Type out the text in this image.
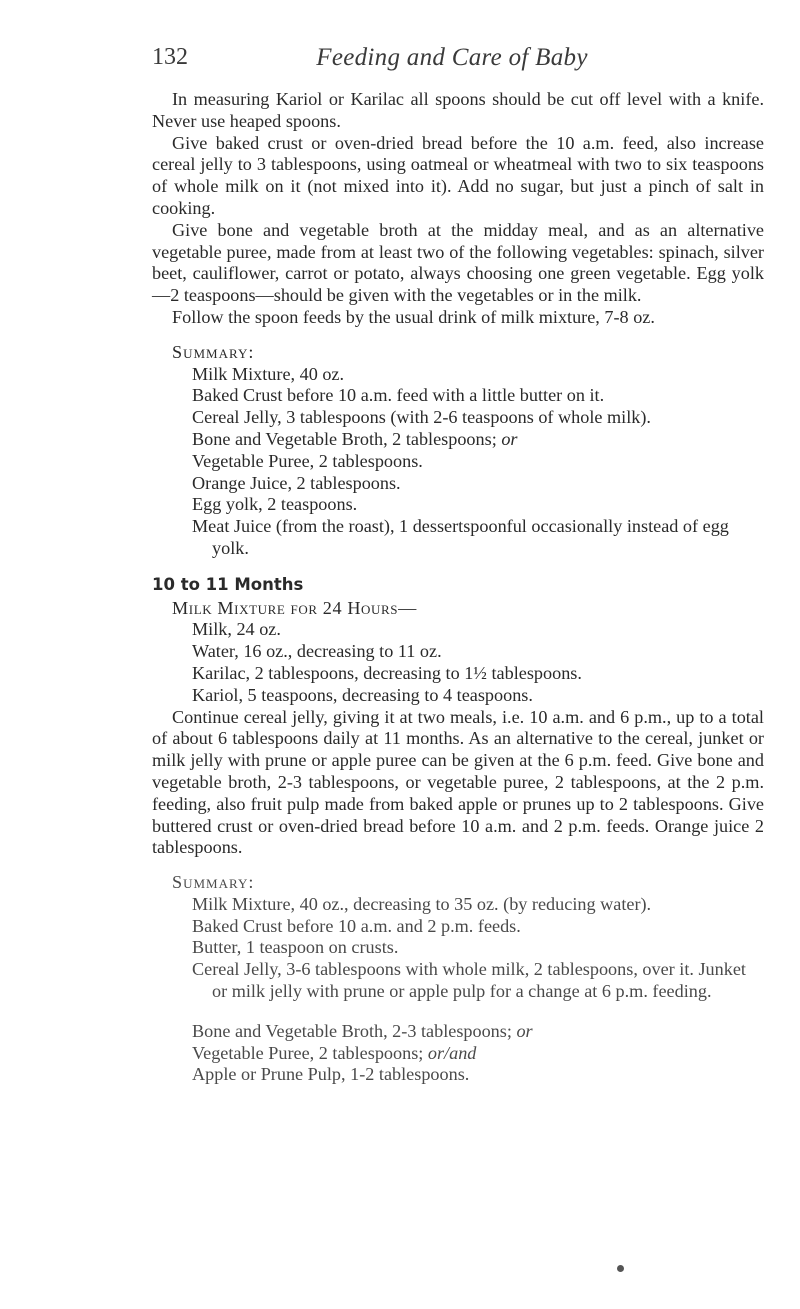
132	Feeding and Care of Baby

In measuring Kariol or Karilac all spoons should be cut off level with a knife. Never use heaped spoons.

Give baked crust or oven-dried bread before the 10 a.m. feed, also increase cereal jelly to 3 tablespoons, using oatmeal or wheatmeal with two to six teaspoons of whole milk on it (not mixed into it). Add no sugar, but just a pinch of salt in cooking.

Give bone and vegetable broth at the midday meal, and as an alternative vegetable puree, made from at least two of the following vegetables: spinach, silver beet, cauliflower, carrot or potato, always choosing one green vegetable. Egg yolk—2 teaspoons—should be given with the vegetables or in the milk.

Follow the spoon feeds by the usual drink of milk mixture, 7-8 oz.

Summary:
Milk Mixture, 40 oz.
Baked Crust before 10 a.m. feed with a little butter on it.
Cereal Jelly, 3 tablespoons (with 2-6 teaspoons of whole milk).
Bone and Vegetable Broth, 2 tablespoons; or
Vegetable Puree, 2 tablespoons.
Orange Juice, 2 tablespoons.
Egg yolk, 2 teaspoons.
Meat Juice (from the roast), 1 dessertspoonful occasionally instead of egg yolk.
10 to 11 Months
Milk Mixture for 24 Hours—
Milk, 24 oz.
Water, 16 oz., decreasing to 11 oz.
Karilac, 2 tablespoons, decreasing to 1½ tablespoons.
Kariol, 5 teaspoons, decreasing to 4 teaspoons.

Continue cereal jelly, giving it at two meals, i.e. 10 a.m. and 6 p.m., up to a total of about 6 tablespoons daily at 11 months. As an alternative to the cereal, junket or milk jelly with prune or apple puree can be given at the 6 p.m. feed. Give bone and vegetable broth, 2-3 tablespoons, or vegetable puree, 2 tablespoons, at the 2 p.m. feeding, also fruit pulp made from baked apple or prunes up to 2 tablespoons. Give buttered crust or oven-dried bread before 10 a.m. and 2 p.m. feeds. Orange juice 2 tablespoons.

Summary:
Milk Mixture, 40 oz., decreasing to 35 oz. (by reducing water).
Baked Crust before 10 a.m. and 2 p.m. feeds.
Butter, 1 teaspoon on crusts.
Cereal Jelly, 3-6 tablespoons with whole milk, 2 tablespoons, over it. Junket or milk jelly with prune or apple pulp for a change at 6 p.m. feeding.
Bone and Vegetable Broth, 2-3 tablespoons; or
Vegetable Puree, 2 tablespoons; or/and
Apple or Prune Pulp, 1-2 tablespoons.
